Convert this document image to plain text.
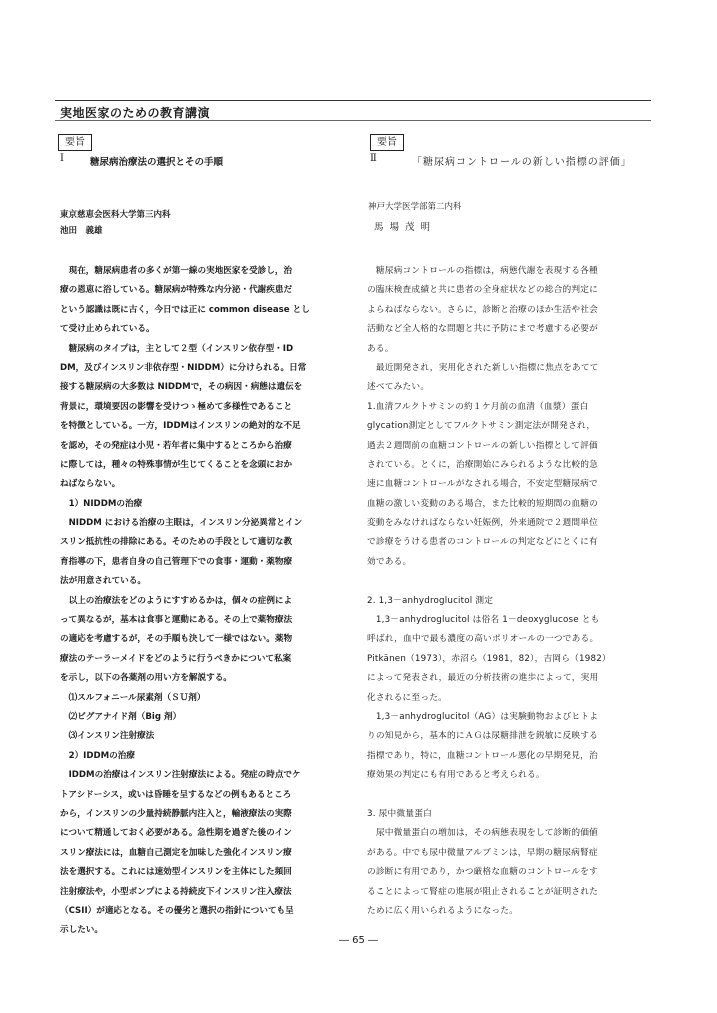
実地医家のための教育講演
要旨
Ⅰ	糖尿病治療法の選択とその手順
東京慈恵会医科大学第三内科
池田　義雄
要旨
Ⅱ	「糖尿病コントロールの新しい指標の評価」
神戸大学医学部第二内科
馬場茂明
　現在，糖尿病患者の多くが第一線の実地医家を受診し，治
療の恩恵に浴している。糖尿病が特殊な内分泌・代謝疾患だ
という認識は既に古く，今日では正に common disease とし
て受け止められている。
　糖尿病のタイプは，主として２型（インスリン依存型・ID
DM，及びインスリン非依存型・NIDDM）に分けられる。日常
接する糖尿病の大多数は NIDDMで，その病因・病態は遺伝を
背景に，環境要因の影響を受けつゝ極めて多様性であること
を特徴としている。一方，IDDMはインスリンの絶対的な不足
を認め，その発症は小児・若年者に集中するところから治療
に際しては，種々の特殊事情が生じてくることを念頭におか
ねばならない。
　1）NIDDMの治療
　NIDDM における治療の主眼は，インスリン分泌異常とイン
スリン抵抗性の排除にある。そのための手段として適切な教
育指導の下，患者自身の自己管理下での食事・運動・薬物療
法が用意されている。
　以上の治療法をどのようにすすめるかは，個々の症例によ
って異なるが，基本は食事と運動にある。その上で薬物療法
の適応を考慮するが，その手順も決して一様ではない。薬物
療法のテーラーメイドをどのように行うべきかについて私案
を示し，以下の各薬剤の用い方を解説する。
　⑴スルフォニール尿素剤（ＳＵ剤）
　⑵ビグアナイド剤（Big 剤）
　⑶インスリン注射療法
　2）IDDMの治療
　IDDMの治療はインスリン注射療法による。発症の時点でケ
トアシドーシス，或いは昏睡を呈するなどの例もあるところ
から，インスリンの少量持続静脈内注入と，輸液療法の実際
について精通しておく必要がある。急性期を過ぎた後のイン
スリン療法には，血糖自己測定を加味した強化インスリン療
法を選択する。これには速効型インスリンを主体にした頻回
注射療法や，小型ポンプによる持続皮下インスリン注入療法
（CSII）が適応となる。その優劣と選択の指針についても呈
示したい。
　糖尿病コントロールの指標は，病態代謝を表現する各種
の臨床検査成績と共に患者の全身症状などの総合的判定に
よらねばならない。さらに，診断と治療のほか生活や社会
活動など全人格的な問題と共に予防にまで考慮する必要が
ある。
　最近開発され，実用化された新しい指標に焦点をあてて
述べてみたい。
1.血清フルクトサミンの約１ケ月前の血清（血漿）蛋白
glycation測定としてフルクトサミン測定法が開発され，
過去２週間前の血糖コントロールの新しい指標として評価
されている。とくに，治療開始にみられるような比較的急
速に血糖コントロールがなされる場合，不安定型糖尿病で
血糖の激しい変動のある場合，また比較的短期間の血糖の
変動をみなければならない妊娠例，外来通院で２週間単位
で診療をうける患者のコントロールの判定などにとくに有
効である。
2. 1,3－anhydroglucitol 測定
　1,3－anhydroglucitol は俗名 1－deoxyglucose とも
呼ばれ，血中で最も濃度の高いポリオールの一つである。
Pitkänen（1973），赤沼ら（1981，82），吉岡ら（1982）
によって発表され，最近の分析技術の進歩によって，実用
化されるに至った。
　1,3－anhydroglucitol（AG）は実験動物およびヒトよ
りの知見から，基本的にＡＧは尿糖排泄を鋭敏に反映する
指標であり，特に，血糖コントロール悪化の早期発見，治
療効果の判定にも有用であると考えられる。
3. 尿中微量蛋白
　尿中微量蛋白の増加は，その病態表現をして診断的価値
がある。中でも尿中微量アルブミンは，早期の糖尿病腎症
の診断に有用であり，かつ厳格な血糖のコントロールをす
ることによって腎症の進展が阻止されることが証明された
ために広く用いられるようになった。
― 65 ―
